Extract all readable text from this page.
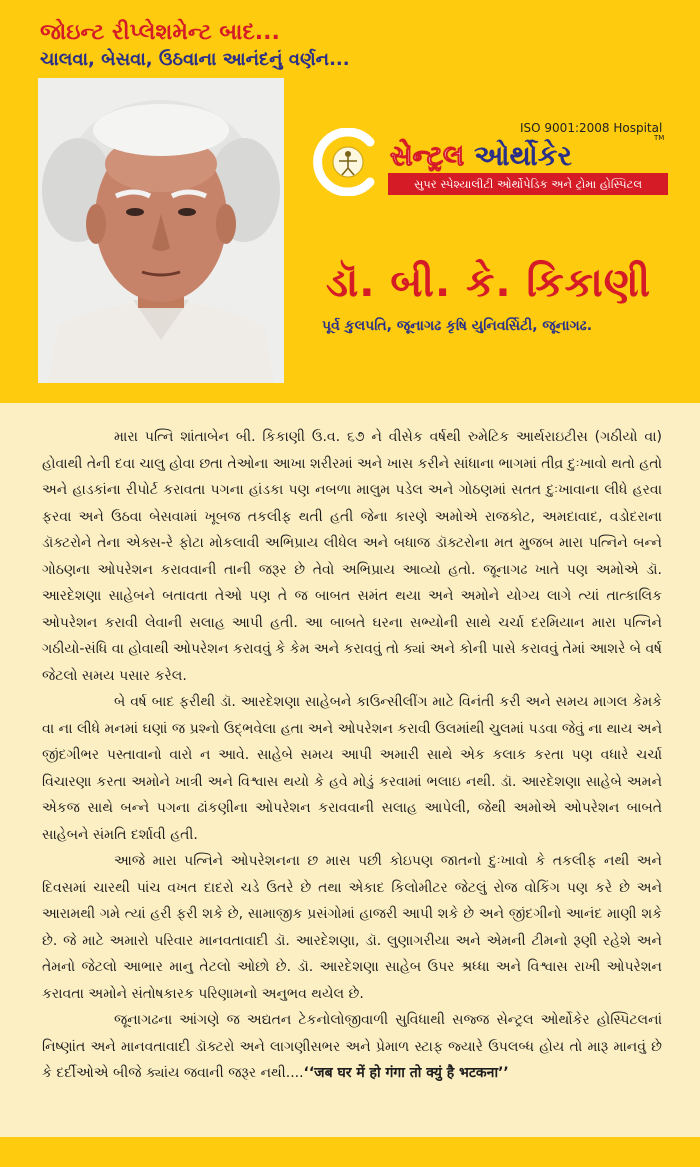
જોઇન્ટ રીપ્લેશમેન્ટ બાદ...
ચાલવા, બેસવા, ઉઠવાના આનંદનું વર્ણન...
ISO 9001:2008 Hospital
TM
સેન્ટ્રલ ઓર્થોકેર
સુપર સ્પેશ્યાલીટી ઓર્થોપેડિક અને ટ્રોમા હોસ્પિટલ
ડૉ. બી. કે. કિકાણી
પૂર્વ કુલપતિ, જૂનાગઢ કૃષિ યુનિવર્સિટી, જૂનાગઢ.

મારા પત્નિ શાંતાબેન બી. કિકાણી ઉ.વ. ૬૭ ને વીસેક વર્ષથી રુમેટિક આર્થરાઇટીસ (ગઠીયો વા) હોવાથી તેની દવા ચાલુ હોવા છતા તેઓના આખા શરીરમાં અને ખાસ કરીને સાંધાના ભાગમાં તીવ્ર દુઃખાવો થતો હતો અને હાડકાંના રીપોર્ટ કરાવતા પગના હાંડકા પણ નબળા માલુમ પડેલ અને ગોઠણમાં સતત દુઃખાવાના લીધે હરવા ફરવા અને ઉઠવા બેસવામાં ખૂબજ તકલીફ થતી હતી જેના કારણે અમોએ રાજકોટ, અમદાવાદ, વડોદરાના ડૉક્ટરોને તેના એક્સ-રે ફોટા મોકલાવી અભિપ્રાય લીધેલ અને બધાજ ડૉક્ટરોના મત મુજબ મારા પત્નિને બન્ને ગોઠણના ઓપરેશન કરાવવાની તાની જરૂર છે તેવો અભિપ્રાય આવ્યો હતો. જૂનાગઢ ખાતે પણ અમોએ ડૉ. આરદેશણા સાહેબને બતાવતા તેઓ પણ તે જ બાબત સમંત થયા અને અમોને યોગ્ય લાગે ત્યાં તાત્કાલિક ઓપરેશન કરાવી લેવાની સલાહ આપી હતી. આ બાબતે ઘરના સભ્યોની સાથે ચર્ચા દરમિયાન મારા પત્નિને ગઠીયો-સંધિ વા હોવાથી ઓપરેશન કરાવવું કે કેમ અને કરાવવું તો ક્યાં અને કોની પાસે કરાવવું તેમાં આશરે બે વર્ષ જેટલો સમય પસાર કરેલ.

બે વર્ષ બાદ ફરીથી ડૉ. આરદેશણા સાહેબને કાઉન્સીલીંગ માટે વિનંતી કરી અને સમય માગલ કેમકે વા ના લીધે મનમાં ઘણાં જ પ્રશ્નો ઉદ્‌ભવેલા હતા અને ઓપરેશન કરાવી ઉલમાંથી ચુલમાં પડવા જેવું ના થાય અને જીંદગીભર પસ્તાવાનો વારો ન આવે. સાહેબે સમય આપી અમારી સાથે એક કલાક કરતા પણ વધારે ચર્ચા વિચારણા કરતા અમોને ખાત્રી અને વિશ્વાસ થયો કે હવે મોડું કરવામાં ભલાઇ નથી. ડૉ. આરદેશણા સાહેબે અમને એકજ સાથે બન્ને પગના ઢાંકણીના ઓપરેશન કરાવવાની સલાહ આપેલી, જેથી અમોએ ઓપરેશન બાબતે સાહેબને સંમતિ દર્શાવી હતી.

આજે મારા પત્નિને ઓપરેશનના છ માસ પછી કોઇપણ જાતનો દુઃખાવો કે તકલીફ નથી અને દિવસમાં ચારથી પાંચ વખત દાદરો ચડે ઉતરે છે તથા એકાદ કિલોમીટર જેટલું રોજ વોકિંગ પણ કરે છે અને આરામથી ગમે ત્યાં હરી ફરી શકે છે, સામાજીક પ્રસંગોમાં હાજરી આપી શકે છે અને જીંદગીનો આનંદ માણી શકે છે. જે માટે અમારો પરિવાર માનવતાવાદી ડૉ. આરદેશણા, ડૉ. લુણાગરીયા અને એમની ટીમનો રૂણી રહેશે અને તેમનો જેટલો આભાર માનુ તેટલો ઓછો છે. ડૉ. આરદેશણા સાહેબ ઉપર શ્રધ્ધા અને વિશ્વાસ રાખી ઓપરેશન કરાવતા અમોને સંતોષકારક પરિણામનો અનુભવ થયેલ છે.

જૂનાગઢના આંગણે જ અદ્યતન ટેકનોલોજીવાળી સુવિધાથી સજ્જ સેન્ટ્રલ ઓર્થોકેર હોસ્પિટલનાં નિષ્ણાંત અને માનવતાવાદી ડૉક્ટરો અને લાગણીસભર અને પ્રેમાળ સ્ટાફ જ્યારે ઉપલબ્ધ હોય તો મારૂ માનવું છે કે દર્દીઓએ બીજે ક્યાંય જવાની જરૂર નથી....‘‘जब घर में हो गंगा तो क्युं है भटकना’’
